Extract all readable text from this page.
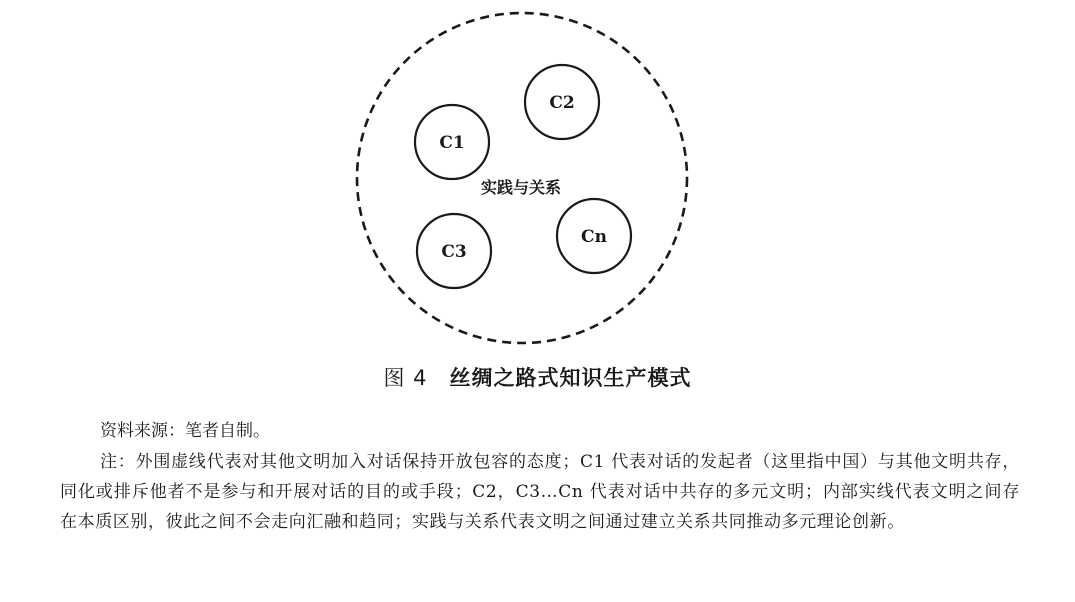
C1
C2
C3
Cn
实践与关系
图 4 丝绸之路式知识生产模式
资料来源：笔者自制。
注：外围虚线代表对其他文明加入对话保持开放包容的态度；C1 代表对话的发起者（这里指中国）与其他文明共存，同化或排斥他者不是参与和开展对话的目的或手段；C2，C3…Cn 代表对话中共存的多元文明；内部实线代表文明之间存在本质区别，彼此之间不会走向汇融和趋同；实践与关系代表文明之间通过建立关系共同推动多元理论创新。
